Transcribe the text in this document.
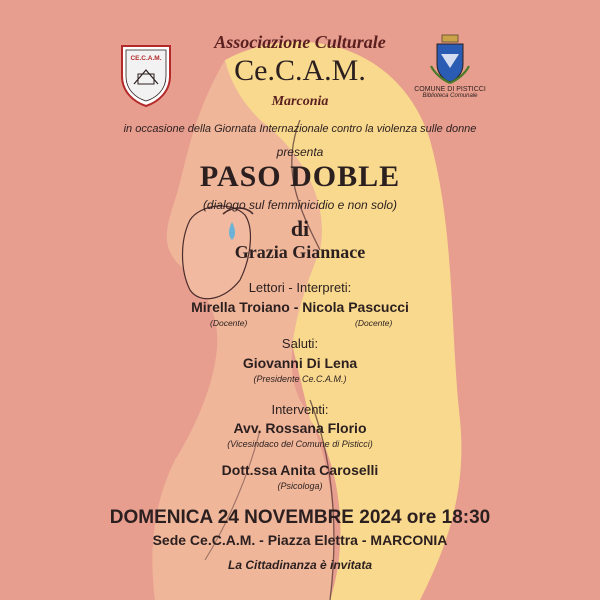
CE.C.A.M.
COMUNE DI PISTICCI
Biblioteca Comunale
Associazione Culturale
Ce.C.A.M.
Marconia
in occasione della Giornata Internazionale contro la violenza sulle donne
presenta
PASO DOBLE
(dialogo sul femminicidio e non solo)
di
Grazia Giannace
Lettori - Interpreti:
Mirella Troiano - Nicola Pascucci
(Docente)	(Docente)
Saluti:
Giovanni Di Lena
(Presidente Ce.C.A.M.)
Interventi:
Avv. Rossana Florio
(Vicesindaco del Comune di Pisticci)
Dott.ssa Anita Caroselli
(Psicologa)
DOMENICA 24 NOVEMBRE 2024 ore 18:30
Sede Ce.C.A.M. - Piazza Elettra - MARCONIA
La Cittadinanza è invitata
